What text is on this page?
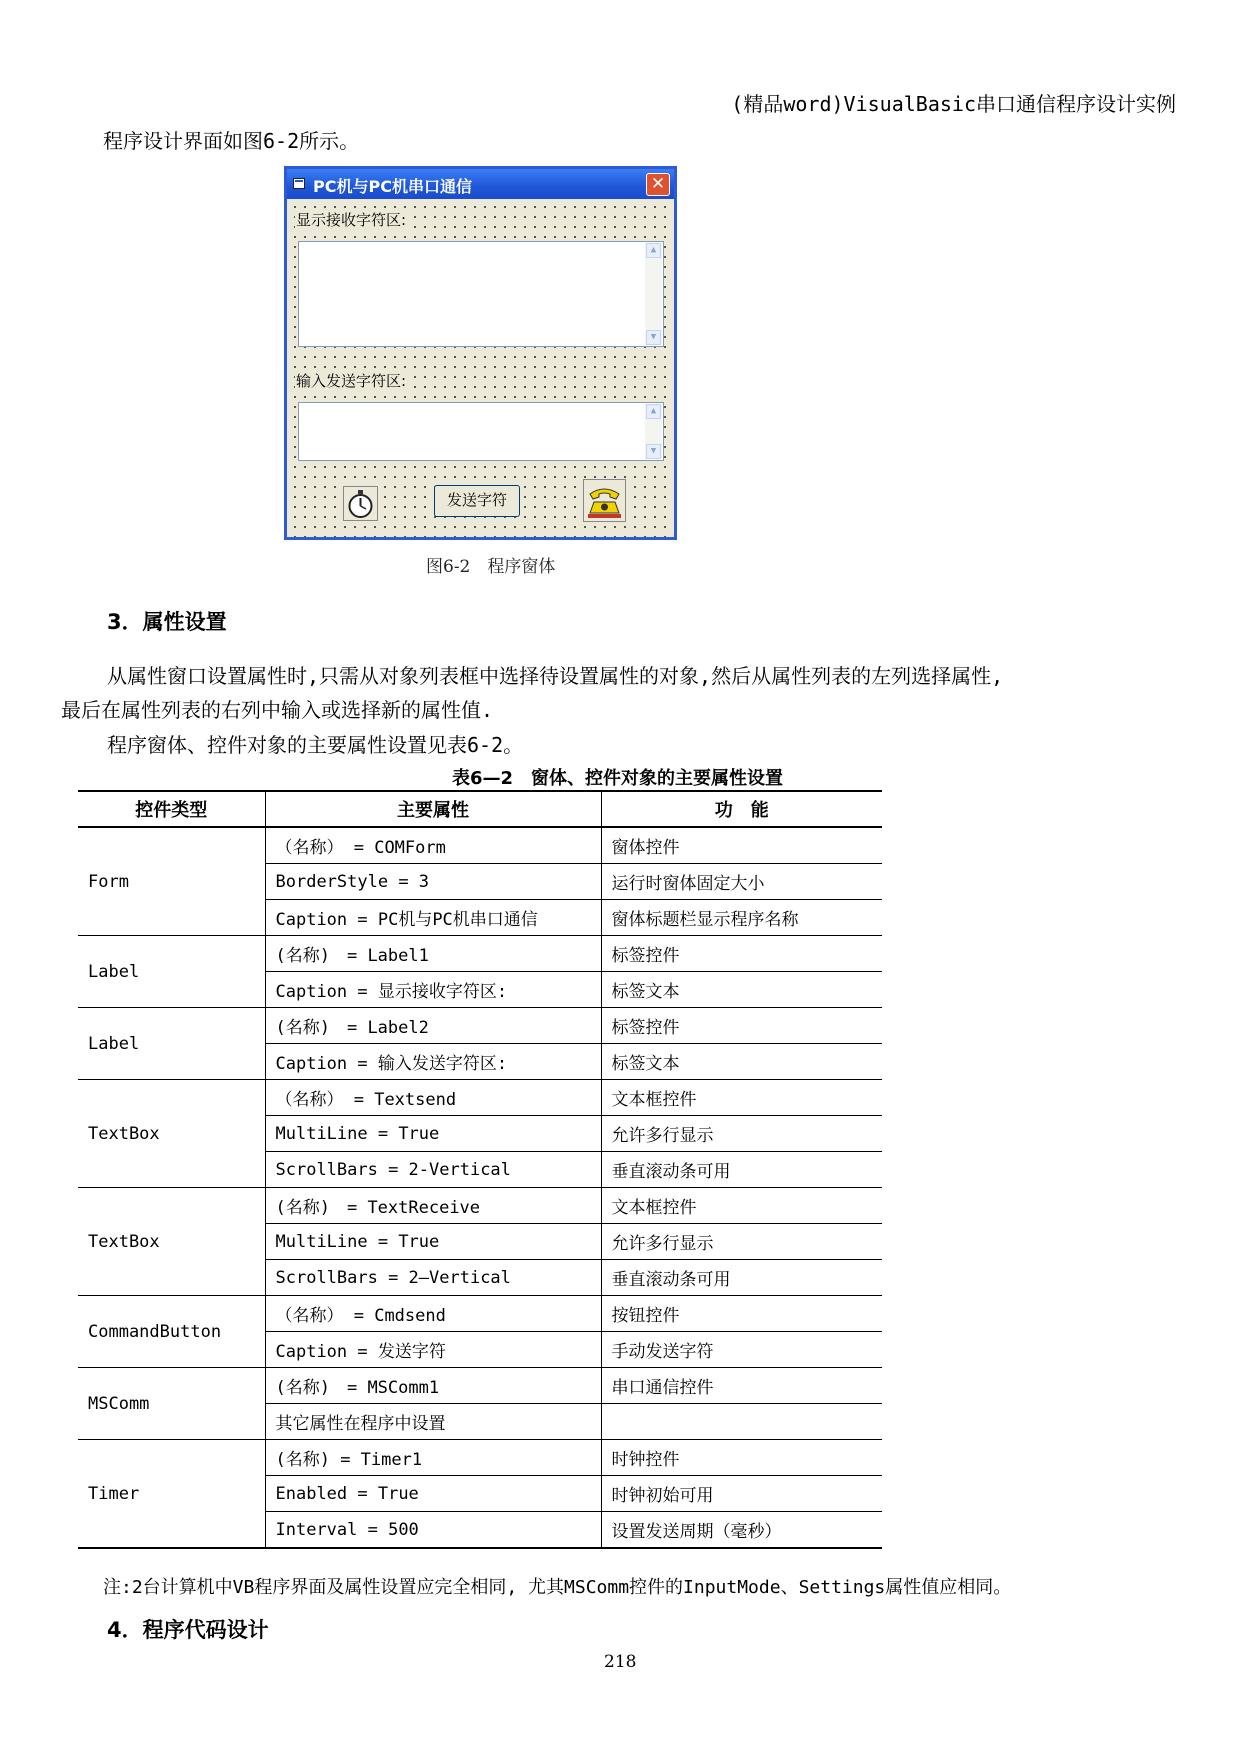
(精品word)VisualBasic串口通信程序设计实例
程序设计界面如图6-2所示。
PC机与PC机串口通信	✕
显示接收字符区:
▲
▼
输入发送字符区:
▲
▼
发送字符
图6-2　程序窗体
3．属性设置
从属性窗口设置属性时,只需从对象列表框中选择待设置属性的对象,然后从属性列表的左列选择属性,
最后在属性列表的右列中输入或选择新的属性值.
程序窗体、控件对象的主要属性设置见表6-2。
表6—2　窗体、控件对象的主要属性设置
控件类型	主要属性	功　能
Form	（名称） = COMForm	窗体控件
	BorderStyle = 3	运行时窗体固定大小
	Caption = PC机与PC机串口通信	窗体标题栏显示程序名称
Label	(名称)　= Label1	标签控件
	Caption = 显示接收字符区:	标签文本
Label	(名称)　= Label2	标签控件
	Caption = 输入发送字符区:	标签文本
TextBox	（名称） = Textsend	文本框控件
	MultiLine = True	允许多行显示
	ScrollBars = 2-Vertical	垂直滚动条可用
TextBox	(名称)　= TextReceive	文本框控件
	MultiLine = True	允许多行显示
	ScrollBars = 2—Vertical	垂直滚动条可用
CommandButton	（名称） = Cmdsend	按钮控件
	Caption = 发送字符	手动发送字符
MSComm	(名称)　= MSComm1	串口通信控件
	其它属性在程序中设置	
Timer	(名称) = Timer1	时钟控件
	Enabled = True	时钟初始可用
	Interval = 500	设置发送周期（毫秒）
注:2台计算机中VB程序界面及属性设置应完全相同, 尤其MSComm控件的InputMode、Settings属性值应相同。
4．程序代码设计
218
